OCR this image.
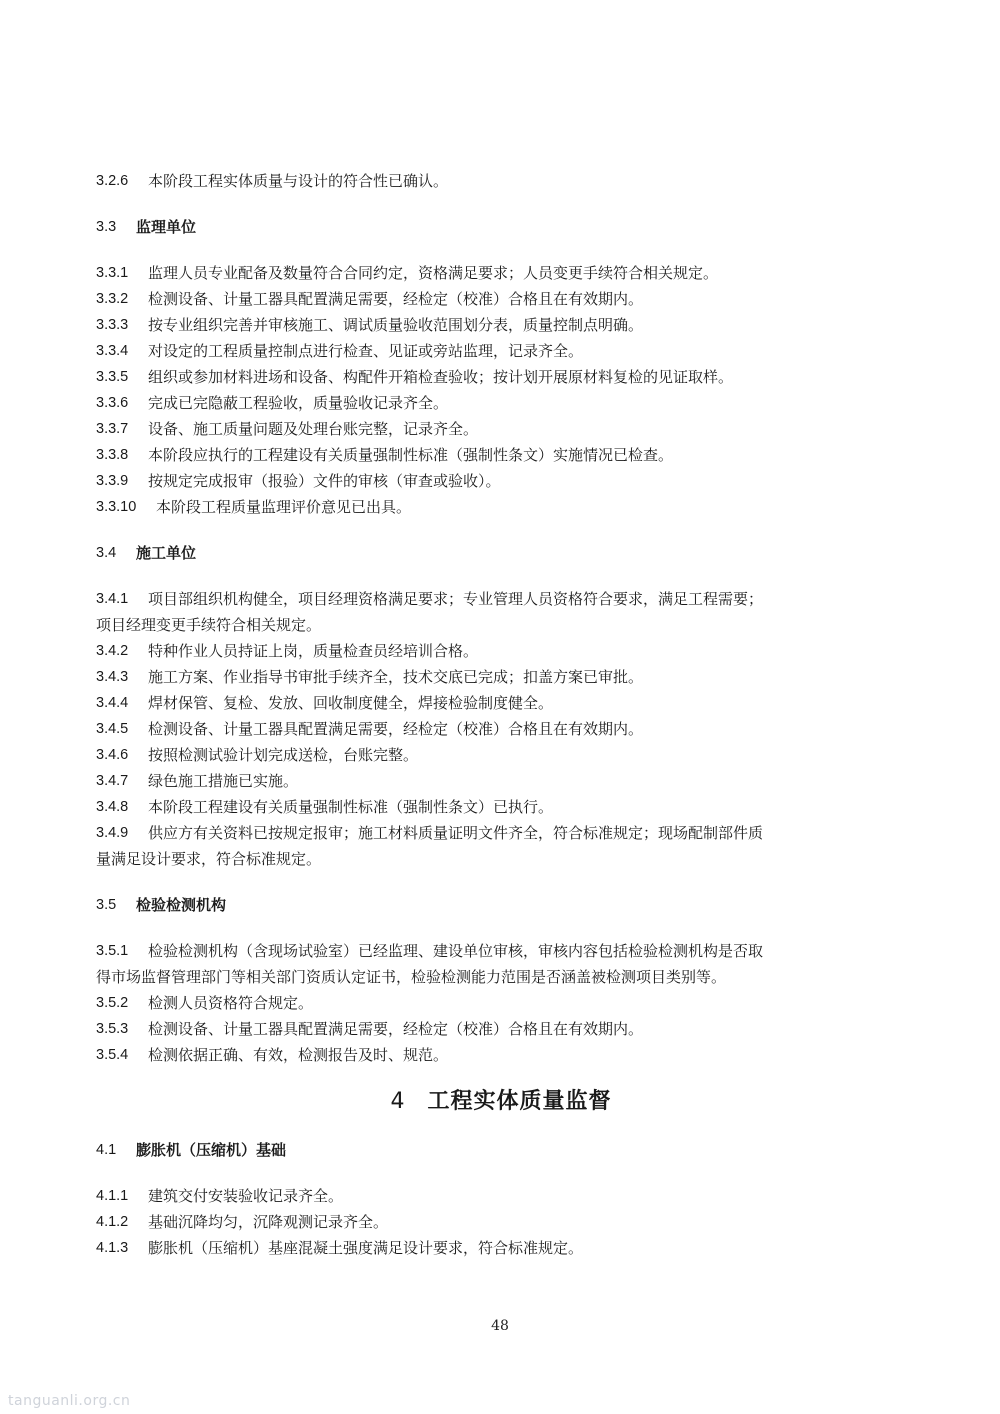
3.2.6	本阶段工程实体质量与设计的符合性已确认。
3.3	监理单位
3.3.1	监理人员专业配备及数量符合合同约定，资格满足要求；人员变更手续符合相关规定。
3.3.2	检测设备、计量工器具配置满足需要，经检定（校准）合格且在有效期内。
3.3.3	按专业组织完善并审核施工、调试质量验收范围划分表，质量控制点明确。
3.3.4	对设定的工程质量控制点进行检查、见证或旁站监理，记录齐全。
3.3.5	组织或参加材料进场和设备、构配件开箱检查验收；按计划开展原材料复检的见证取样。
3.3.6	完成已完隐蔽工程验收，质量验收记录齐全。
3.3.7	设备、施工质量问题及处理台账完整，记录齐全。
3.3.8	本阶段应执行的工程建设有关质量强制性标准（强制性条文）实施情况已检查。
3.3.9	按规定完成报审（报验）文件的审核（审查或验收）。
3.3.10	本阶段工程质量监理评价意见已出具。
3.4	施工单位
3.4.1	项目部组织机构健全，项目经理资格满足要求；专业管理人员资格符合要求，满足工程需要；
项目经理变更手续符合相关规定。
3.4.2	特种作业人员持证上岗，质量检查员经培训合格。
3.4.3	施工方案、作业指导书审批手续齐全，技术交底已完成；扣盖方案已审批。
3.4.4	焊材保管、复检、发放、回收制度健全，焊接检验制度健全。
3.4.5	检测设备、计量工器具配置满足需要，经检定（校准）合格且在有效期内。
3.4.6	按照检测试验计划完成送检，台账完整。
3.4.7	绿色施工措施已实施。
3.4.8	本阶段工程建设有关质量强制性标准（强制性条文）已执行。
3.4.9	供应方有关资料已按规定报审；施工材料质量证明文件齐全，符合标准规定；现场配制部件质
量满足设计要求，符合标准规定。
3.5	检验检测机构
3.5.1	检验检测机构（含现场试验室）已经监理、建设单位审核，审核内容包括检验检测机构是否取
得市场监督管理部门等相关部门资质认定证书，检验检测能力范围是否涵盖被检测项目类别等。
3.5.2	检测人员资格符合规定。
3.5.3	检测设备、计量工器具配置满足需要，经检定（校准）合格且在有效期内。
3.5.4	检测依据正确、有效，检测报告及时、规范。
4 工程实体质量监督
4.1	膨胀机（压缩机）基础
4.1.1	建筑交付安装验收记录齐全。
4.1.2	基础沉降均匀，沉降观测记录齐全。
4.1.3	膨胀机（压缩机）基座混凝土强度满足设计要求，符合标准规定。
48
tanguanli.org.cn
